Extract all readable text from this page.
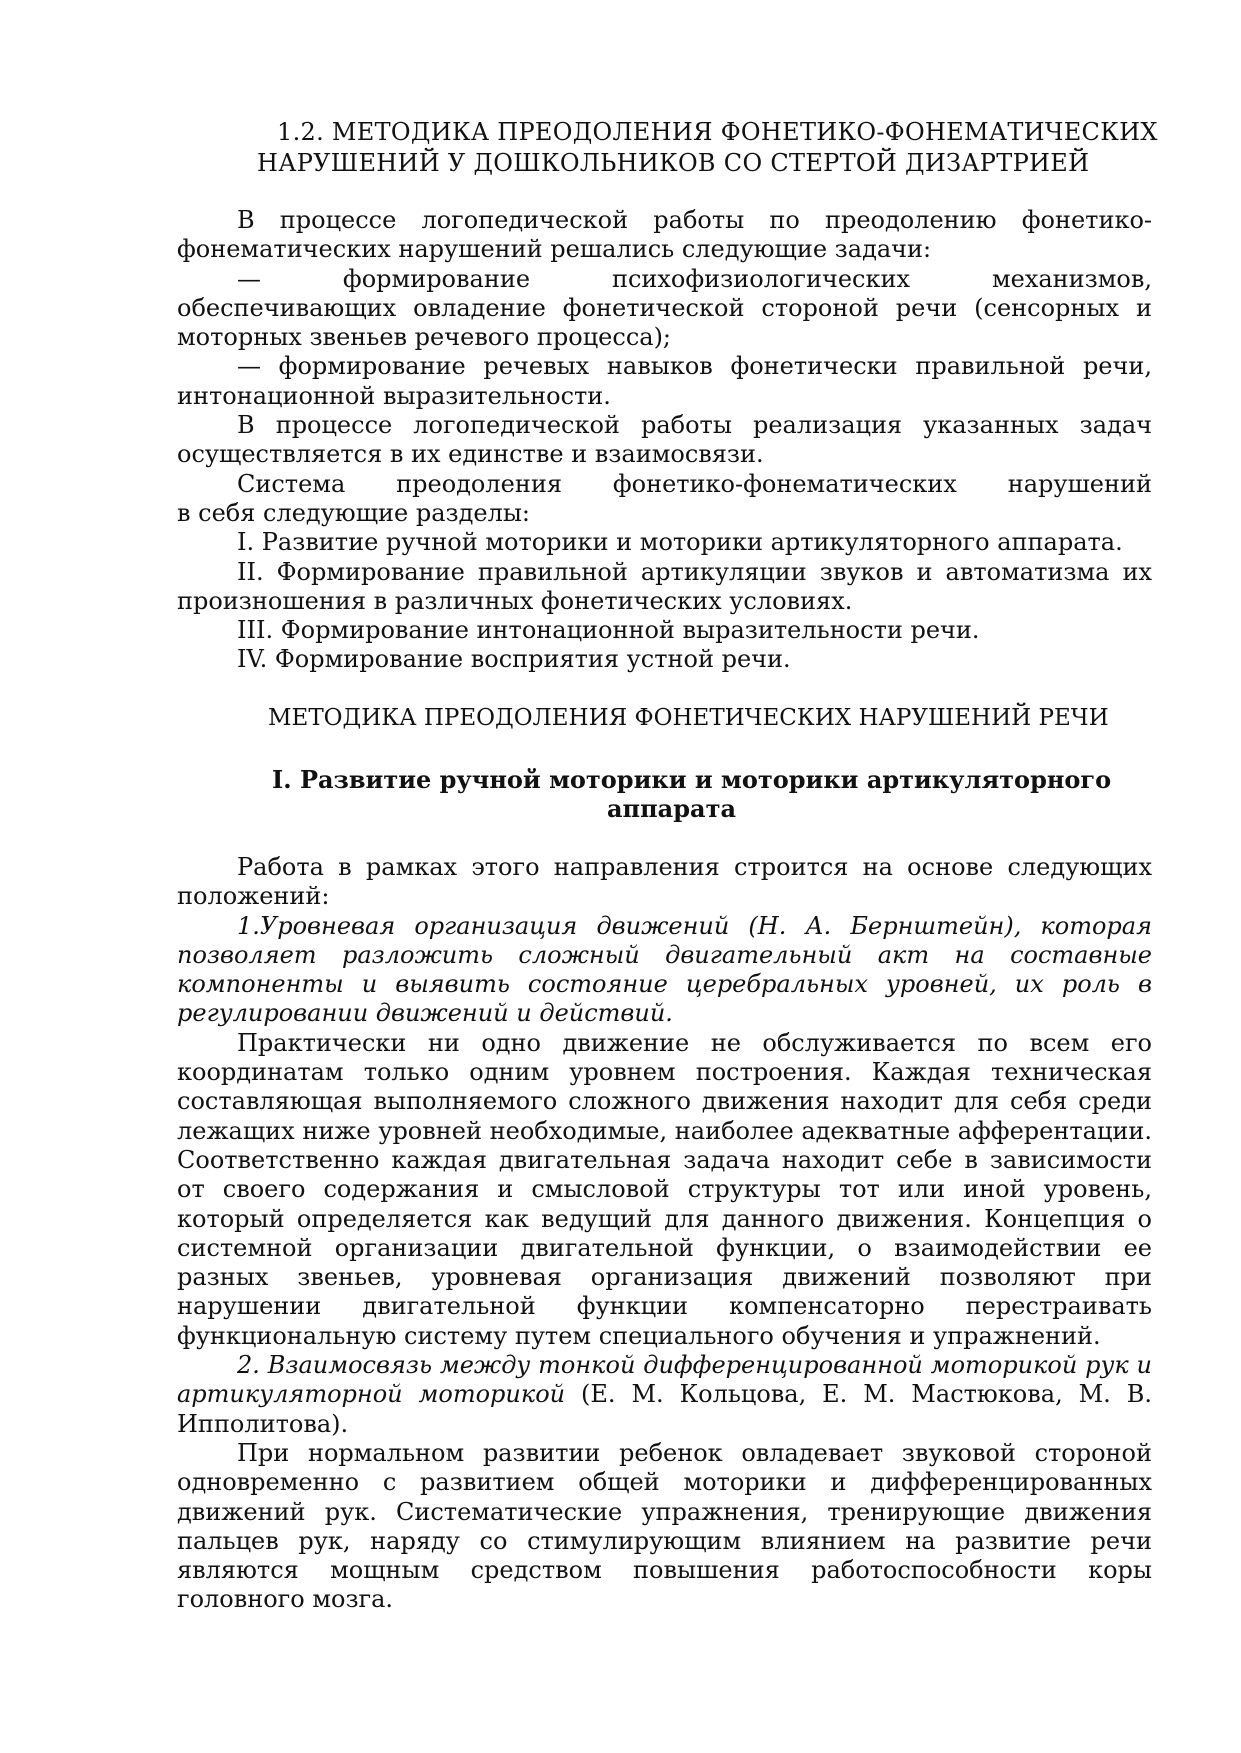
1.2. МЕТОДИКА ПРЕОДОЛЕНИЯ ФОНЕТИКО-ФОНЕМАТИЧЕСКИХ
НАРУШЕНИЙ У ДОШКОЛЬНИКОВ СО СТЕРТОЙ ДИЗАРТРИЕЙ
В процессе логопедической работы по преодолению фонетико-
фонематических нарушений решались следующие задачи:
— формирование психофизиологических механизмов,
обеспечивающих овладение фонетической стороной речи (сенсорных и
моторных звеньев речевого процесса);
— формирование речевых навыков фонетически правильной речи,
интонационной выразительности.
В процессе логопедической работы реализация указанных задач
осуществляется в их единстве и взаимосвязи.
Система преодоления фонетико-фонематических нарушений
в себя следующие разделы:
I. Развитие ручной моторики и моторики артикуляторного аппарата.
II. Формирование правильной артикуляции звуков и автоматизма их
произношения в различных фонетических условиях.
III. Формирование интонационной выразительности речи.
IV. Формирование восприятия устной речи.
МЕТОДИКА ПРЕОДОЛЕНИЯ ФОНЕТИЧЕСКИХ НАРУШЕНИЙ РЕЧИ
I. Развитие ручной моторики и моторики артикуляторного
аппарата
Работа в рамках этого направления строится на основе следующих
положений:
1.Уровневая организация движений (Н. А. Бернштейн), которая
позволяет разложить сложный двигательный акт на составные
компоненты и выявить состояние церебральных уровней, их роль в
регулировании движений и действий.
Практически ни одно движение не обслуживается по всем его
координатам только одним уровнем построения. Каждая техническая
составляющая выполняемого сложного движения находит для себя среди
лежащих ниже уровней необходимые, наиболее адекватные афферентации.
Соответственно каждая двигательная задача находит себе в зависимости
от своего содержания и смысловой структуры тот или иной уровень,
который определяется как ведущий для данного движения. Концепция о
системной организации двигательной функции, о взаимодействии ее
разных звеньев, уровневая организация движений позволяют при
нарушении двигательной функции компенсаторно перестраивать
функциональную систему путем специального обучения и упражнений.
2. Взаимосвязь между тонкой дифференцированной моторикой рук и
артикуляторной моторикой (Е. М. Кольцова, Е. М. Мастюкова, М. В.
Ипполитова).
При нормальном развитии ребенок овладевает звуковой стороной
одновременно с развитием общей моторики и дифференцированных
движений рук. Систематические упражнения, тренирующие движения
пальцев рук, наряду со стимулирующим влиянием на развитие речи
являются мощным средством повышения работоспособности коры
головного мозга.
